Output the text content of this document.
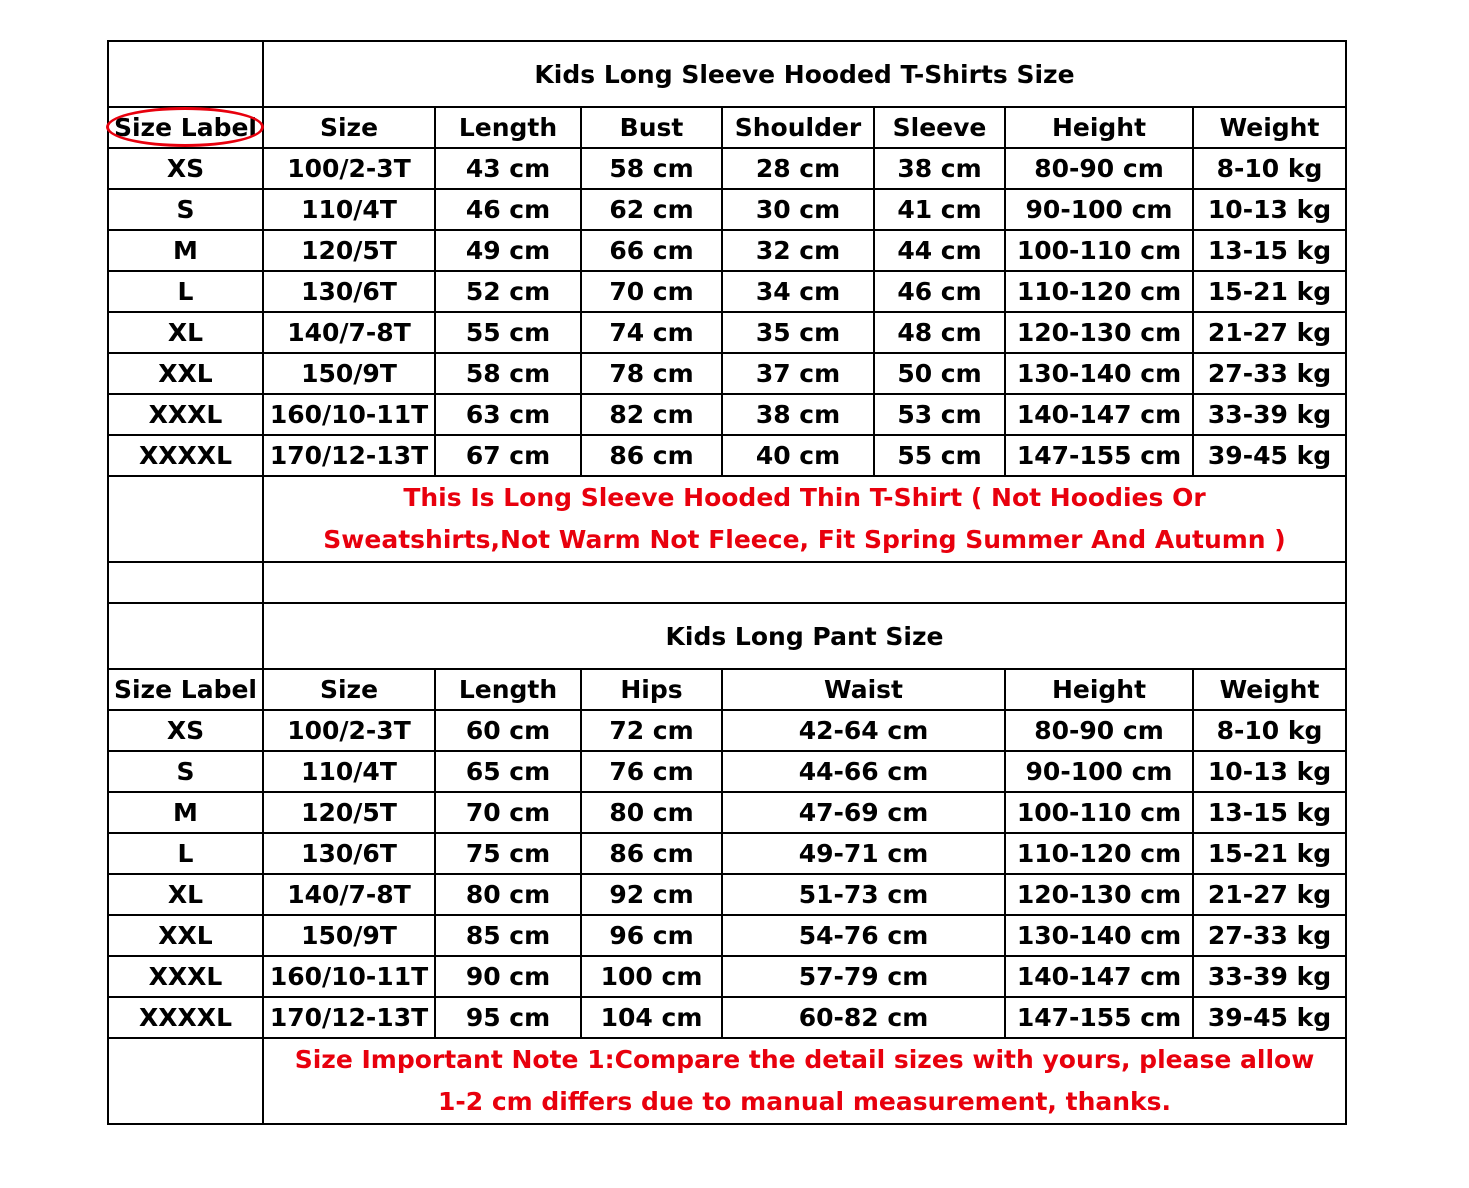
	Kids Long Sleeve Hooded T-Shirts Size						

Size Label	Size	Length	Bust	Shoulder	Sleeve	Height	Weight
XS	100/2-3T	43 cm	58 cm	28 cm	38 cm	80-90 cm	8-10 kg
S	110/4T	46 cm	62 cm	30 cm	41 cm	90-100 cm	10-13 kg
M	120/5T	49 cm	66 cm	32 cm	44 cm	100-110 cm	13-15 kg
L	130/6T	52 cm	70 cm	34 cm	46 cm	110-120 cm	15-21 kg
XL	140/7-8T	55 cm	74 cm	35 cm	48 cm	120-130 cm	21-27 kg
XXL	150/9T	58 cm	78 cm	37 cm	50 cm	130-140 cm	27-33 kg
XXXL	160/10-11T	63 cm	82 cm	38 cm	53 cm	140-147 cm	33-39 kg
XXXXL	170/12-13T	67 cm	86 cm	40 cm	55 cm	147-155 cm	39-45 kg
	This Is Long Sleeve Hooded Thin T-Shirt ( Not Hoodies Or
Sweatshirts,Not Warm Not Fleece, Fit Spring Summer And Autumn )						

	Kids Long Pant Size						
Size Label	Size	Length	Hips	Waist		Height	Weight
XS	100/2-3T	60 cm	72 cm	42-64 cm		80-90 cm	8-10 kg
S	110/4T	65 cm	76 cm	44-66 cm		90-100 cm	10-13 kg
M	120/5T	70 cm	80 cm	47-69 cm		100-110 cm	13-15 kg
L	130/6T	75 cm	86 cm	49-71 cm		110-120 cm	15-21 kg
XL	140/7-8T	80 cm	92 cm	51-73 cm		120-130 cm	21-27 kg
XXL	150/9T	85 cm	96 cm	54-76 cm		130-140 cm	27-33 kg
XXXL	160/10-11T	90 cm	100 cm	57-79 cm		140-147 cm	33-39 kg
XXXXL	170/12-13T	95 cm	104 cm	60-82 cm		147-155 cm	39-45 kg
	Size Important Note 1:Compare the detail sizes with yours, please allow
1-2 cm differs due to manual measurement, thanks.						
